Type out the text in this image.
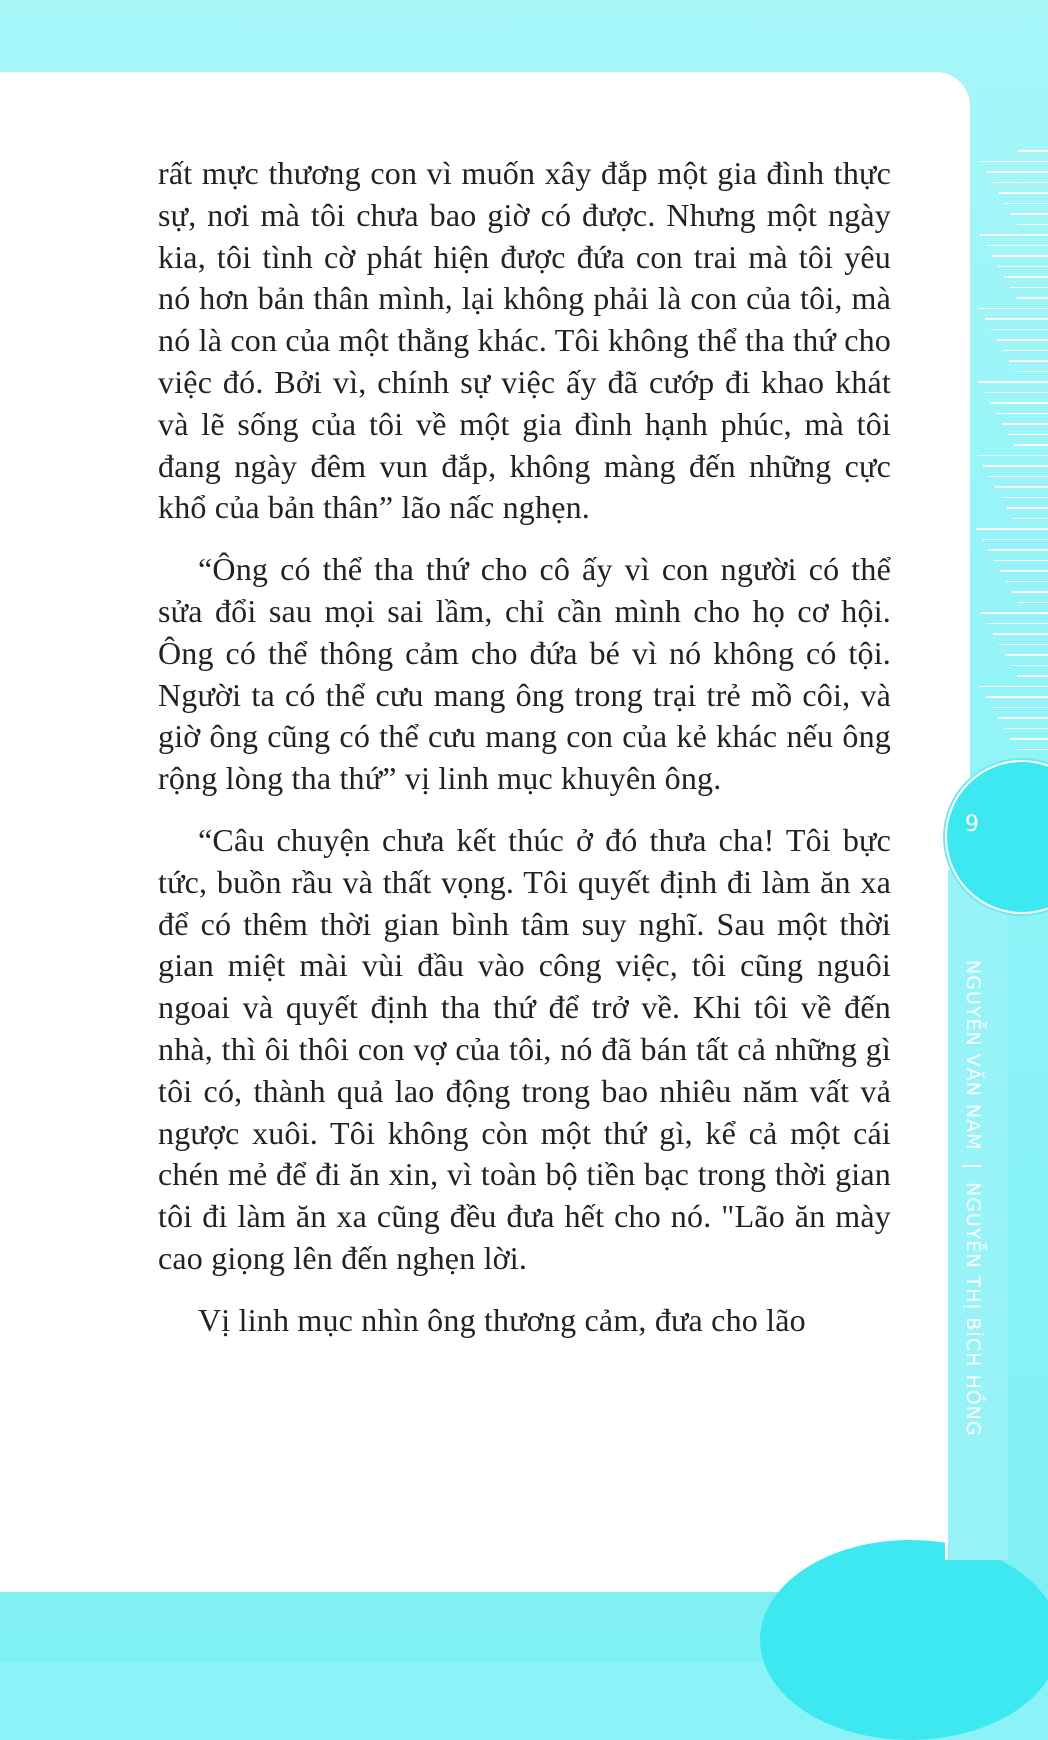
9
NGUYỄN VĂN NAM|NGUYỄN THỊ BÍCH HỒNG

rất mực thương con vì muốn xây đắp một gia đình thực sự, nơi mà tôi chưa bao giờ có được. Nhưng một ngày kia, tôi tình cờ phát hiện được đứa con trai mà tôi yêu nó hơn bản thân mình, lại không phải là con của tôi, mà nó là con của một thằng khác. Tôi không thể tha thứ cho việc đó. Bởi vì, chính sự việc ấy đã cướp đi khao khát và lẽ sống của tôi về một gia đình hạnh phúc, mà tôi đang ngày đêm vun đắp, không màng đến những cực khổ của bản thân” lão nấc nghẹn.

“Ông có thể tha thứ cho cô ấy vì con người có thể sửa đổi sau mọi sai lầm, chỉ cần mình cho họ cơ hội. Ông có thể thông cảm cho đứa bé vì nó không có tội. Người ta có thể cưu mang ông trong trại trẻ mồ côi, và giờ ông cũng có thể cưu mang con của kẻ khác nếu ông rộng lòng tha thứ” vị linh mục khuyên ông.

“Câu chuyện chưa kết thúc ở đó thưa cha! Tôi bực tức, buồn rầu và thất vọng. Tôi quyết định đi làm ăn xa để có thêm thời gian bình tâm suy nghĩ. Sau một thời gian miệt mài vùi đầu vào công việc, tôi cũng nguôi ngoai và quyết định tha thứ để trở về. Khi tôi về đến nhà, thì ôi thôi con vợ của tôi, nó đã bán tất cả những gì tôi có, thành quả lao động trong bao nhiêu năm vất vả ngược xuôi. Tôi không còn một thứ gì, kể cả một cái chén mẻ để đi ăn xin, vì toàn bộ tiền bạc trong thời gian tôi đi làm ăn xa cũng đều đưa hết cho nó. "Lão ăn mày cao giọng lên đến nghẹn lời.

Vị linh mục nhìn ông thương cảm, đưa cho lão
